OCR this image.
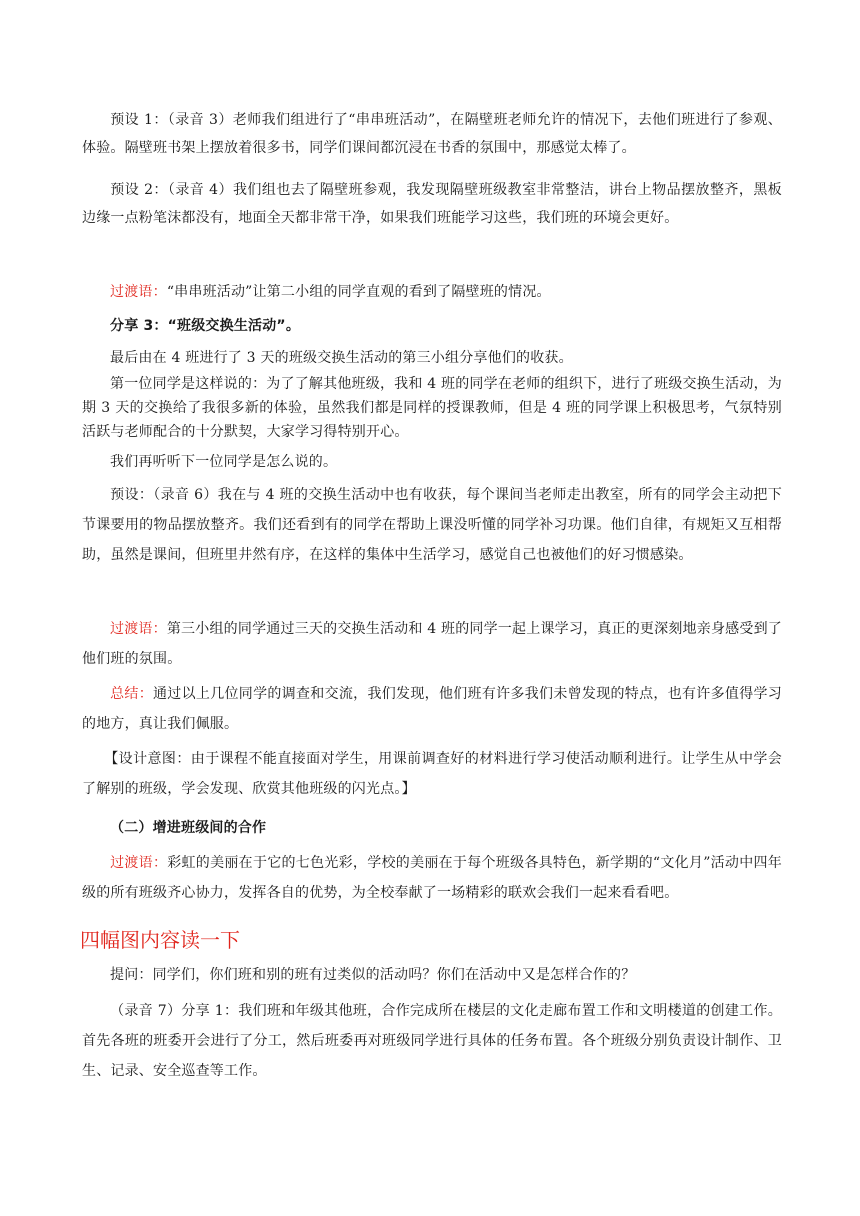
预设 1：（录音 3）老师我们组进行了“串串班活动”，在隔壁班老师允许的情况下，去他们班进行了参观、体验。隔壁班书架上摆放着很多书，同学们课间都沉浸在书香的氛围中，那感觉太棒了。

预设 2：（录音 4）我们组也去了隔壁班参观，我发现隔壁班级教室非常整洁，讲台上物品摆放整齐，黑板边缘一点粉笔沫都没有，地面全天都非常干净，如果我们班能学习这些，我们班的环境会更好。

过渡语：“串串班活动”让第二小组的同学直观的看到了隔壁班的情况。

分享 3：“班级交换生活动”。

最后由在 4 班进行了 3 天的班级交换生活动的第三小组分享他们的收获。

第一位同学是这样说的：为了了解其他班级，我和 4 班的同学在老师的组织下，进行了班级交换生活动，为期 3 天的交换给了我很多新的体验，虽然我们都是同样的授课教师，但是 4 班的同学课上积极思考，气氛特别活跃与老师配合的十分默契，大家学习得特别开心。

我们再听听下一位同学是怎么说的。

预设：（录音 6）我在与 4 班的交换生活动中也有收获，每个课间当老师走出教室，所有的同学会主动把下节课要用的物品摆放整齐。我们还看到有的同学在帮助上课没听懂的同学补习功课。他们自律，有规矩又互相帮助，虽然是课间，但班里井然有序，在这样的集体中生活学习，感觉自己也被他们的好习惯感染。

过渡语：第三小组的同学通过三天的交换生活动和 4 班的同学一起上课学习，真正的更深刻地亲身感受到了他们班的氛围。

总结：通过以上几位同学的调查和交流，我们发现，他们班有许多我们未曾发现的特点，也有许多值得学习的地方，真让我们佩服。

【设计意图：由于课程不能直接面对学生，用课前调查好的材料进行学习使活动顺利进行。让学生从中学会了解别的班级，学会发现、欣赏其他班级的闪光点。】

（二）增进班级间的合作

过渡语：彩虹的美丽在于它的七色光彩，学校的美丽在于每个班级各具特色，新学期的“文化月”活动中四年级的所有班级齐心协力，发挥各自的优势，为全校奉献了一场精彩的联欢会我们一起来看看吧。

四幅图内容读一下

提问：同学们，你们班和别的班有过类似的活动吗？你们在活动中又是怎样合作的？

（录音 7）分享 1：我们班和年级其他班，合作完成所在楼层的文化走廊布置工作和文明楼道的创建工作。首先各班的班委开会进行了分工，然后班委再对班级同学进行具体的任务布置。各个班级分别负责设计制作、卫生、记录、安全巡查等工作。
